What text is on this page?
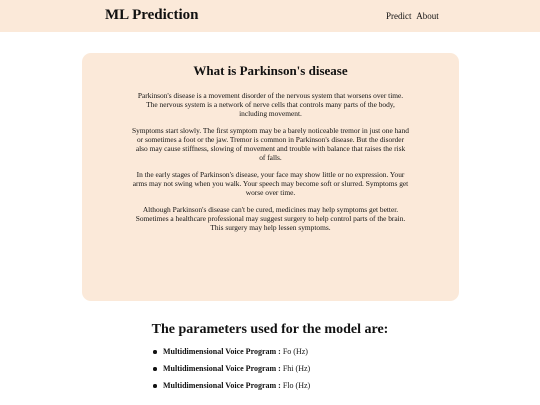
ML Prediction	Predict About
What is Parkinson's disease

Parkinson's disease is a movement disorder of the nervous system that worsens over time. The nervous system is a network of nerve cells that controls many parts of the body, including movement.

Symptoms start slowly. The first symptom may be a barely noticeable tremor in just one hand or sometimes a foot or the jaw. Tremor is common in Parkinson's disease. But the disorder also may cause stiffness, slowing of movement and trouble with balance that raises the risk of falls.

In the early stages of Parkinson's disease, your face may show little or no expression. Your arms may not swing when you walk. Your speech may become soft or slurred. Symptoms get worse over time.

Although Parkinson's disease can't be cured, medicines may help symptoms get better. Sometimes a healthcare professional may suggest surgery to help control parts of the brain. This surgery may help lessen symptoms.

The parameters used for the model are:
Multidimensional Voice Program : Fo (Hz)
Multidimensional Voice Program : Fhi (Hz)
Multidimensional Voice Program : Flo (Hz)
